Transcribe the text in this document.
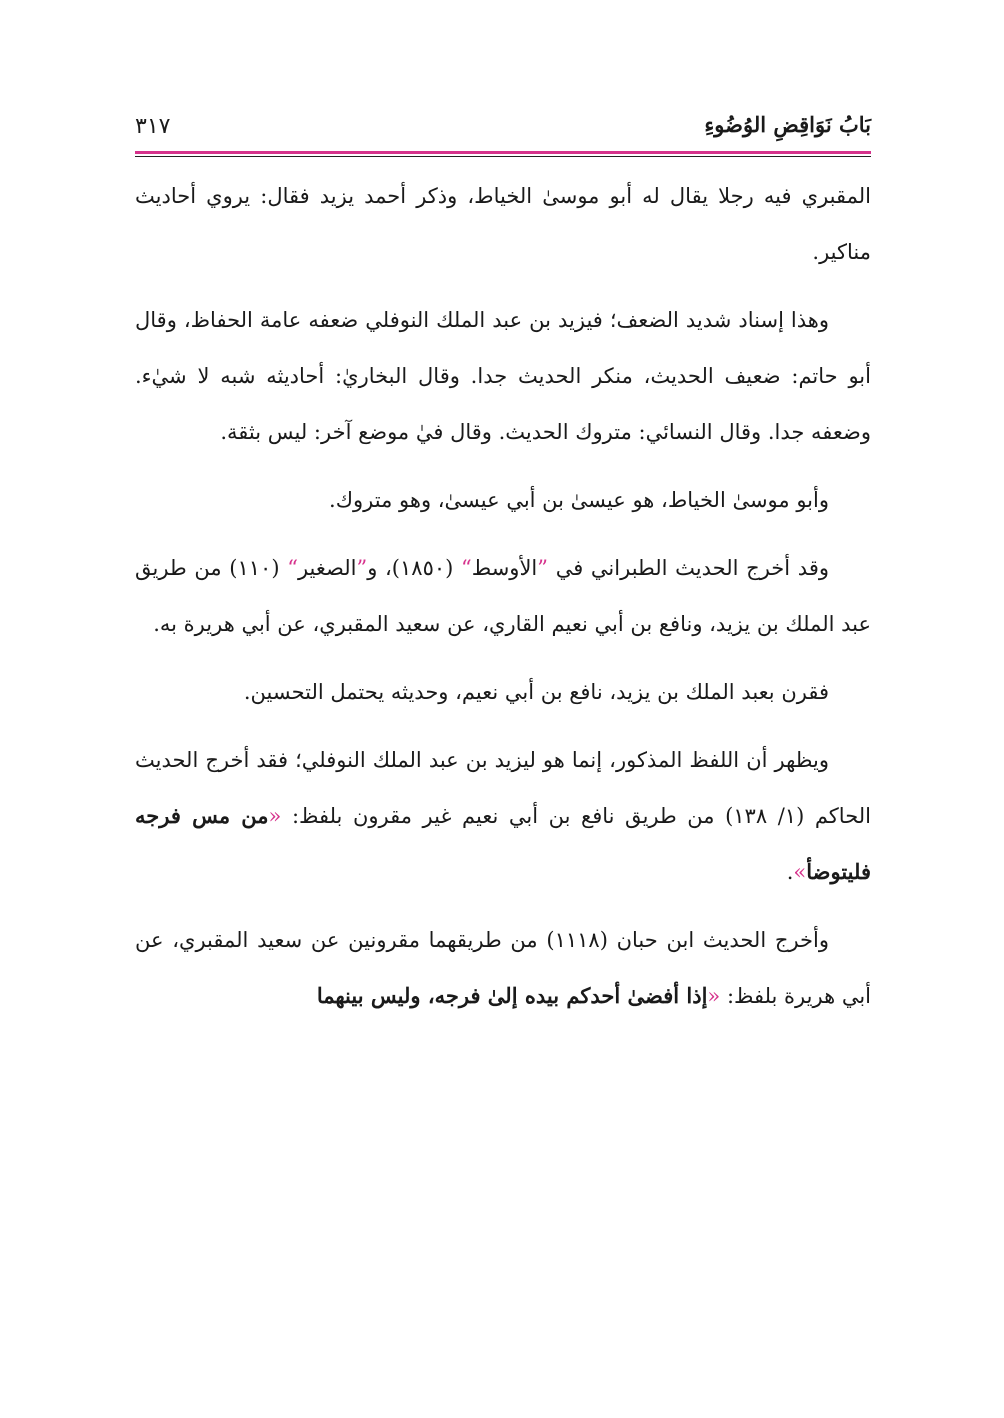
بَابُ نَوَاقِضِ الوُضُوءِ
٣١٧

المقبري فيه رجلا يقال له أبو موسىٰ الخياط، وذكر أحمد يزيد فقال: يروي أحاديث مناكير.

وهذا إسناد شديد الضعف؛ فيزيد بن عبد الملك النوفلي ضعفه عامة الحفاظ، وقال أبو حاتم: ضعيف الحديث، منكر الحديث جدا. وقال البخاريٰ: أحاديثه شبه لا شيٰء. وضعفه جدا. وقال النسائي: متروك الحديث. وقال فيٰ موضع آخر: ليس بثقة.

وأبو موسىٰ الخياط، هو عيسىٰ بن أبي عيسىٰ، وهو متروك.

وقد أخرج الحديث الطبراني في ”الأوسط“ (١٨٥٠)، و”الصغير“ (١١٠) من طريق عبد الملك بن يزيد، ونافع بن أبي نعيم القاري، عن سعيد المقبري، عن أبي هريرة به.

فقرن بعبد الملك بن يزيد، نافع بن أبي نعيم، وحديثه يحتمل التحسين.

ويظهر أن اللفظ المذكور، إنما هو ليزيد بن عبد الملك النوفلي؛ فقد أخرج الحديث الحاكم (١/ ١٣٨) من طريق نافع بن أبي نعيم غير مقرون بلفظ: «من مس فرجه فليتوضأ».

وأخرج الحديث ابن حبان (١١١٨) من طريقهما مقرونين عن سعيد المقبري، عن أبي هريرة بلفظ: «إذا أفضىٰ أحدكم بيده إلىٰ فرجه، وليس بينهما
